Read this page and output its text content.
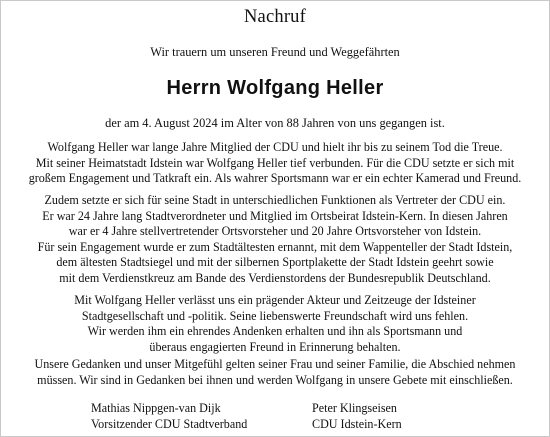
Nachruf
Wir trauern um unseren Freund und Weggefährten
Herrn Wolfgang Heller
der am 4. August 2024 im Alter von 88 Jahren von uns gegangen ist.
Wolfgang Heller war lange Jahre Mitglied der CDU und hielt ihr bis zu seinem Tod die Treue.
Mit seiner Heimatstadt Idstein war Wolfgang Heller tief verbunden. Für die CDU setzte er sich mit
großem Engagement und Tatkraft ein. Als wahrer Sportsmann war er ein echter Kamerad und Freund.
Zudem setzte er sich für seine Stadt in unterschiedlichen Funktionen als Vertreter der CDU ein.
Er war 24 Jahre lang Stadtverordneter und Mitglied im Ortsbeirat Idstein-Kern. In diesen Jahren
war er 4 Jahre stellvertretender Ortsvorsteher und 20 Jahre Ortsvorsteher von Idstein.
Für sein Engagement wurde er zum Stadtältesten ernannt, mit dem Wappenteller der Stadt Idstein,
dem ältesten Stadtsiegel und mit der silbernen Sportplakette der Stadt Idstein geehrt sowie
mit dem Verdienstkreuz am Bande des Verdienstordens der Bundesrepublik Deutschland.
Mit Wolfgang Heller verlässt uns ein prägender Akteur und Zeitzeuge der Idsteiner
Stadtgesellschaft und -politik. Seine liebenswerte Freundschaft wird uns fehlen.
Wir werden ihm ein ehrendes Andenken erhalten und ihn als Sportsmann und
überaus engagierten Freund in Erinnerung behalten.
Unsere Gedanken und unser Mitgefühl gelten seiner Frau und seiner Familie, die Abschied nehmen
müssen. Wir sind in Gedanken bei ihnen und werden Wolfgang in unsere Gebete mit einschließen.
Mathias Nippgen-van Dijk
Vorsitzender CDU Stadtverband
Peter Klingseisen
CDU Idstein-Kern
